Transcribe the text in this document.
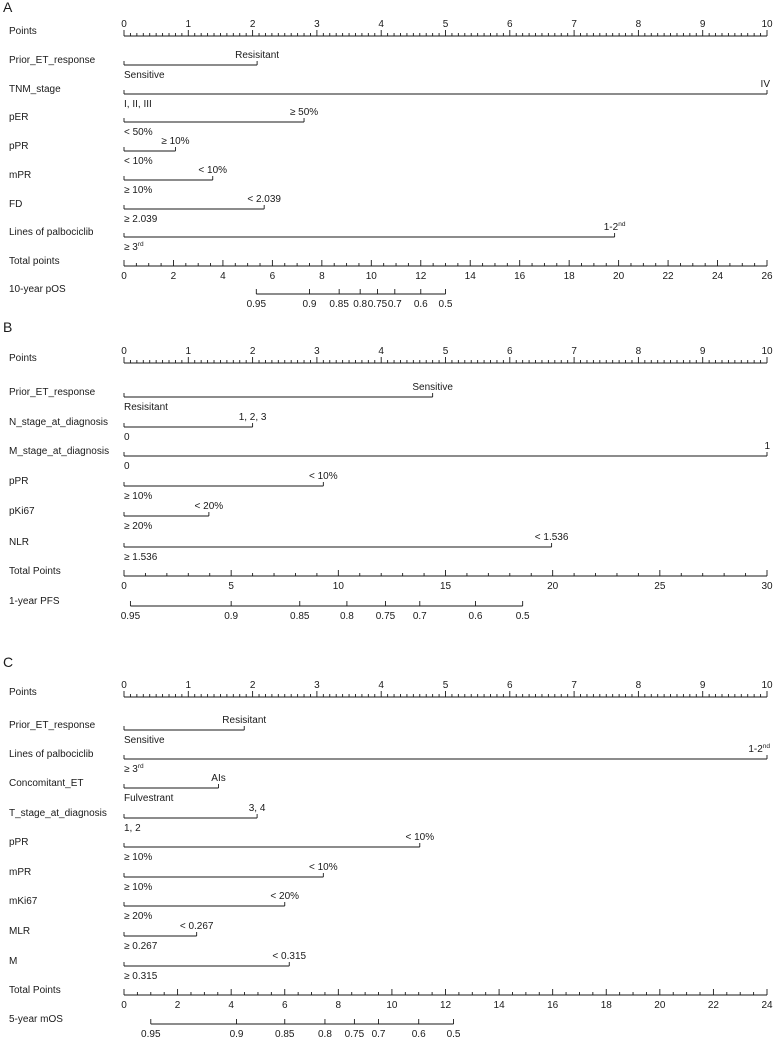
A
Points
0	1	2	3	4	5	6	7	8	9	10
Prior_ET_response
Sensitive
Resisitant
TNM_stage
I, II, III
IV
pER
< 50%
≥ 50%
pPR
< 10%
≥ 10%
mPR
≥ 10%
< 10%
FD
≥ 2.039
< 2.039
Lines of palbociclib
≥ 3rd
1-2nd
Total points
0	2	4	6	8	10	12	14	16	18	20	22	24	26
10-year pOS
0.95	0.9 0.85 0.8 0.75 0.7 0.6 0.5
B
Points
0	1	2	3	4	5	6	7	8	9	10
Prior_ET_response
Resisitant
Sensitive
N_stage_at_diagnosis
0
1, 2, 3
M_stage_at_diagnosis
0
1
pPR
≥ 10%
< 10%
pKi67
≥ 20%
< 20%
NLR
≥ 1.536
< 1.536
Total Points
0	5	10	15	20	25	30
1-year PFS
0.95	0.9	0.85	0.8 0.75 0.7	0.6	0.5
C
Points
0	1	2	3	4	5	6	7	8	9	10
Prior_ET_response
Sensitive
Resisitant
Lines of palbociclib
≥ 3rd
1-2nd
Concomitant_ET
Fulvestrant
AIs
T_stage_at_diagnosis
1, 2
3, 4
pPR
≥ 10%
< 10%
mPR
≥ 10%
< 10%
mKi67
≥ 20%
< 20%
MLR
≥ 0.267
< 0.267
M
≥ 0.315
< 0.315
Total Points
0	2	4	6	8	10	12	14	16	18	20	22	24
5-year mOS
0.95	0.9	0.85 0.8 0.75 0.7	0.6 0.5
